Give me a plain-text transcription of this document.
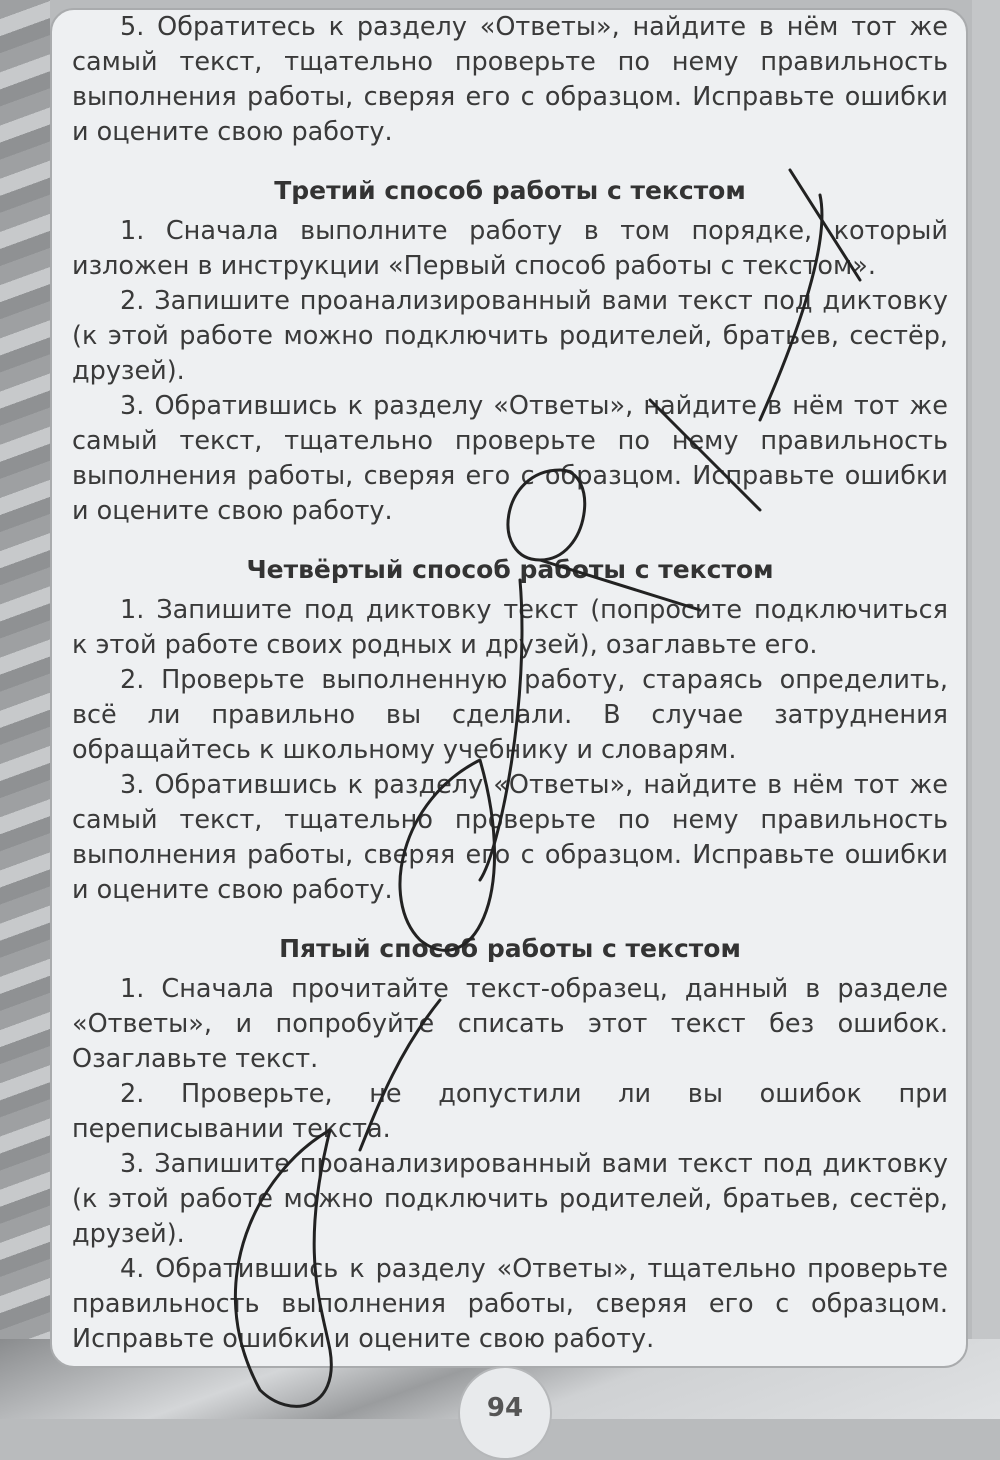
5. Обратитесь к разделу «Ответы», найдите в нём тот же самый текст, тщательно проверьте по нему правильность выполнения работы, сверяя его с образцом. Исправьте ошибки и оцените свою работу.

Третий способ работы с текстом

1. Сначала выполните работу в том порядке, который изложен в инструкции «Первый способ работы с текстом».

2. Запишите проанализированный вами текст под диктовку (к этой работе можно подключить родителей, братьев, сестёр, друзей).

3. Обратившись к разделу «Ответы», найдите в нём тот же самый текст, тщательно проверьте по нему правильность выполнения работы, сверяя его с образцом. Исправьте ошибки и оцените свою работу.

Четвёртый способ работы с текстом

1. Запишите под диктовку текст (попросите подключиться к этой работе своих родных и друзей), озаглавьте его.

2. Проверьте выполненную работу, стараясь определить, всё ли правильно вы сделали. В случае затруднения обращайтесь к школьному учебнику и словарям.

3. Обратившись к разделу «Ответы», найдите в нём тот же самый текст, тщательно проверьте по нему правильность выполнения работы, сверяя его с образцом. Исправьте ошибки и оцените свою работу.

Пятый способ работы с текстом

1. Сначала прочитайте текст-образец, данный в разделе «Ответы», и попробуйте списать этот текст без ошибок. Озаглавьте текст.

2. Проверьте, не допустили ли вы ошибок при переписывании текста.

3. Запишите проанализированный вами текст под диктовку (к этой работе можно подключить родителей, братьев, сестёр, друзей).

4. Обратившись к разделу «Ответы», тщательно проверьте правильность выполнения работы, сверяя его с образцом. Исправьте ошибки и оцените свою работу.

94
